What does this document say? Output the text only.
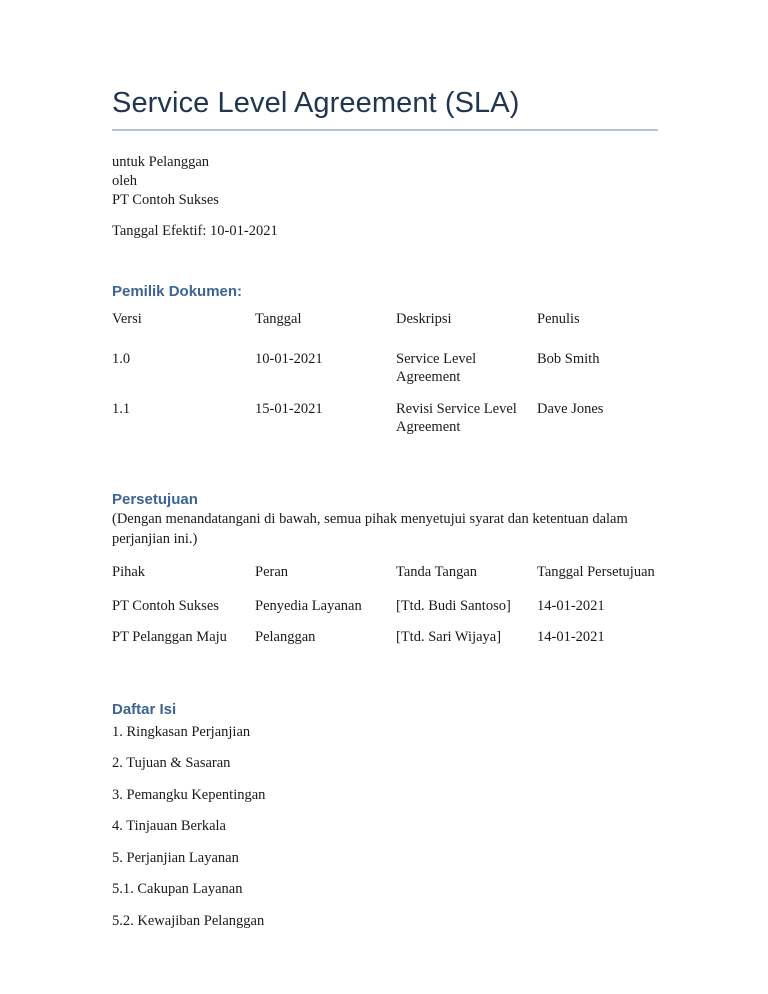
Service Level Agreement (SLA)
untuk Pelanggan
oleh
PT Contoh Sukses
Tanggal Efektif: 10-01-2021
Pemilik Dokumen:
Versi	Tanggal	Deskripsi	Penulis
1.0	10-01-2021	Service Level Agreement	Bob Smith
1.1	15-01-2021	Revisi Service Level Agreement	Dave Jones
Persetujuan

(Dengan menandatangani di bawah, semua pihak menyetujui syarat dan ketentuan dalam perjanjian ini.)

Pihak	Peran	Tanda Tangan	Tanggal Persetujuan
PT Contoh Sukses	Penyedia Layanan	[Ttd. Budi Santoso]	14-01-2021
PT Pelanggan Maju	Pelanggan	[Ttd. Sari Wijaya]	14-01-2021
Daftar Isi
1. Ringkasan Perjanjian
2. Tujuan & Sasaran
3. Pemangku Kepentingan
4. Tinjauan Berkala
5. Perjanjian Layanan
5.1. Cakupan Layanan
5.2. Kewajiban Pelanggan
